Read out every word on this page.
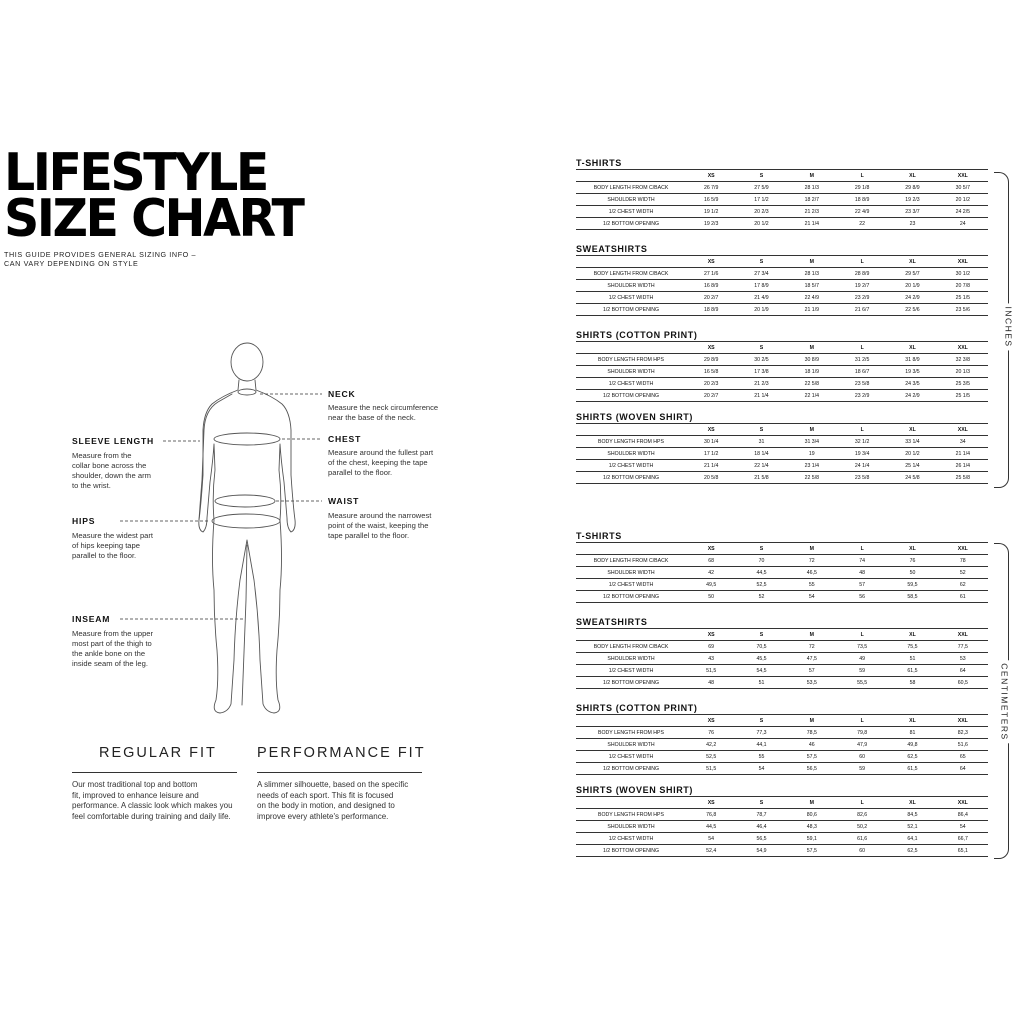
LIFESTYLE
SIZE CHART
THIS GUIDE PROVIDES GENERAL SIZING INFO –
CAN VARY DEPENDING ON STYLE
NECK
Measure the neck circumference
near the base of the neck.
CHEST
Measure around the fullest part
of the chest, keeping the tape
parallel to the floor.
WAIST
Measure around the narrowest
point of the waist, keeping the
tape parallel to the floor.
SLEEVE LENGTH
Measure from the
collar bone across the
shoulder, down the arm
to the wrist.
HIPS
Measure the widest part
of hips keeping tape
parallel to the floor.
INSEAM
Measure from the upper
most part of the thigh to
the ankle bone on the
inside seam of the leg.
REGULAR FIT
Our most traditional top and bottom
fit, improved to enhance leisure and
performance. A classic look which makes you
feel comfortable during training and daily life.
PERFORMANCE FIT
A slimmer silhouette, based on the specific
needs of each sport. This fit is focused
on the body in motion, and designed to
improve every athlete's performance.
INCHES
CENTIMETERS
T-SHIRTS
	XS	S	M	L	XL	XXL
BODY LENGTH FROM C/BACK	26 7/9	27 5/9	28 1/3	29 1/8	29 8/9	30 5/7
SHOULDER WIDTH	16 5/9	17 1/2	18 2/7	18 8/9	19 2/3	20 1/2
1/2 CHEST WIDTH	19 1/2	20 2/3	21 2/3	22 4/9	23 3/7	24 2/5
1/2 BOTTOM OPENING	19 2/3	20 1/2	21 1/4	22	23	24
SWEATSHIRTS
	XS	S	M	L	XL	XXL
BODY LENGTH FROM C/BACK	27 1/6	27 3/4	28 1/3	28 8/9	29 5/7	30 1/2
SHOULDER WIDTH	16 8/9	17 8/9	18 5/7	19 2/7	20 1/9	20 7/8
1/2 CHEST WIDTH	20 2/7	21 4/9	22 4/9	23 2/9	24 2/9	25 1/5
1/2 BOTTOM OPENING	18 8/9	20 1/9	21 1/9	21 6/7	22 5/6	23 5/6
SHIRTS (COTTON PRINT)
	XS	S	M	L	XL	XXL
BODY LENGTH FROM HPS	29 8/9	30 2/5	30 8/9	31 2/5	31 8/9	32 3/8
SHOULDER WIDTH	16 5/8	17 3/8	18 1/9	18 6/7	19 3/5	20 1/3
1/2 CHEST WIDTH	20 2/3	21 2/3	22 5/8	23 5/8	24 3/5	25 3/5
1/2 BOTTOM OPENING	20 2/7	21 1/4	22 1/4	23 2/9	24 2/9	25 1/5
SHIRTS (WOVEN SHIRT)
	XS	S	M	L	XL	XXL
BODY LENGTH FROM HPS	30 1/4	31	31 3/4	32 1/2	33 1/4	34
SHOULDER WIDTH	17 1/2	18 1/4	19	19 3/4	20 1/2	21 1/4
1/2 CHEST WIDTH	21 1/4	22 1/4	23 1/4	24 1/4	25 1/4	26 1/4
1/2 BOTTOM OPENING	20 5/8	21 5/8	22 5/8	23 5/8	24 5/8	25 5/8
T-SHIRTS
	XS	S	M	L	XL	XXL
BODY LENGTH FROM C/BACK	68	70	72	74	76	78
SHOULDER WIDTH	42	44,5	46,5	48	50	52
1/2 CHEST WIDTH	49,5	52,5	55	57	59,5	62
1/2 BOTTOM OPENING	50	52	54	56	58,5	61
SWEATSHIRTS
	XS	S	M	L	XL	XXL
BODY LENGTH FROM C/BACK	69	70,5	72	73,5	75,5	77,5
SHOULDER WIDTH	43	45,5	47,5	49	51	53
1/2 CHEST WIDTH	51,5	54,5	57	59	61,5	64
1/2 BOTTOM OPENING	48	51	53,5	55,5	58	60,5
SHIRTS (COTTON PRINT)
	XS	S	M	L	XL	XXL
BODY LENGTH FROM HPS	76	77,3	78,5	79,8	81	82,3
SHOULDER WIDTH	42,2	44,1	46	47,9	49,8	51,6
1/2 CHEST WIDTH	52,5	55	57,5	60	62,5	65
1/2 BOTTOM OPENING	51,5	54	56,5	59	61,5	64
SHIRTS (WOVEN SHIRT)
	XS	S	M	L	XL	XXL
BODY LENGTH FROM HPS	76,8	78,7	80,6	82,6	84,5	86,4
SHOULDER WIDTH	44,5	46,4	48,3	50,2	52,1	54
1/2 CHEST WIDTH	54	56,5	59,1	61,6	64,1	66,7
1/2 BOTTOM OPENING	52,4	54,9	57,5	60	62,5	65,1
